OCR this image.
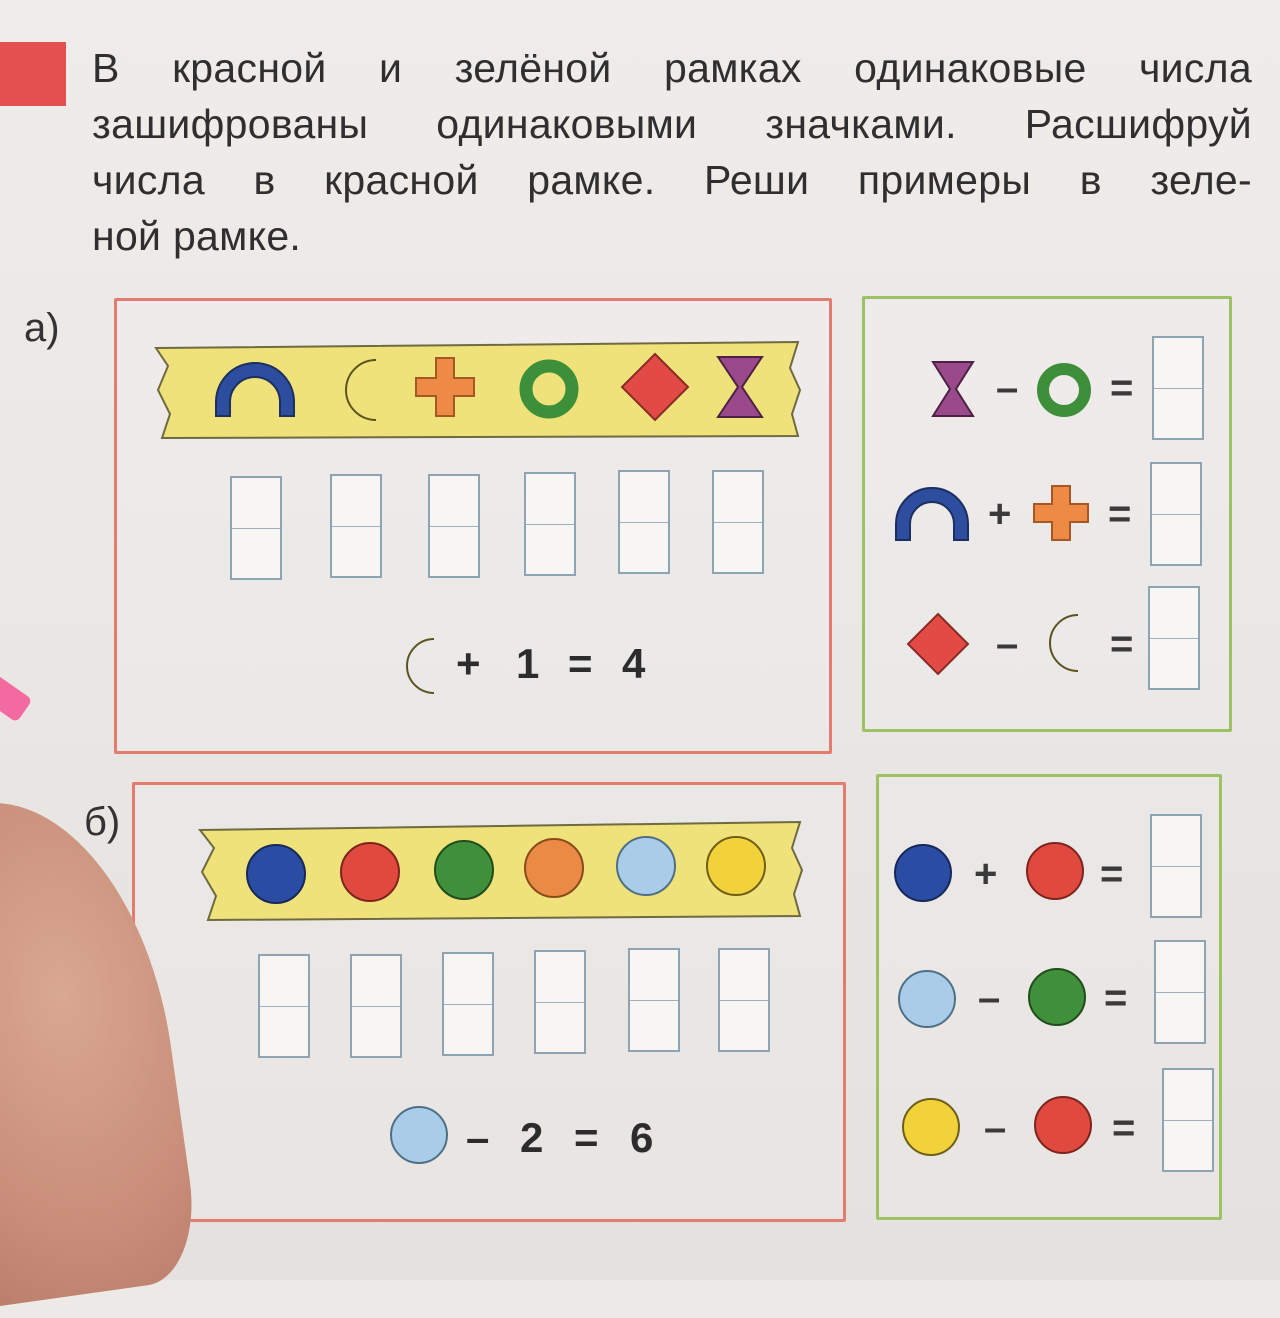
В красной и зелёной рамках одинаковые числа
зашифрованы одинаковыми значками. Расшифруй
числа в красной рамке. Реши примеры в зеле-
ной рамке.
а)
+ 1 = 4
– =
+ =
– =
б)
– 2 = 6
+	=
–	=
–	=
